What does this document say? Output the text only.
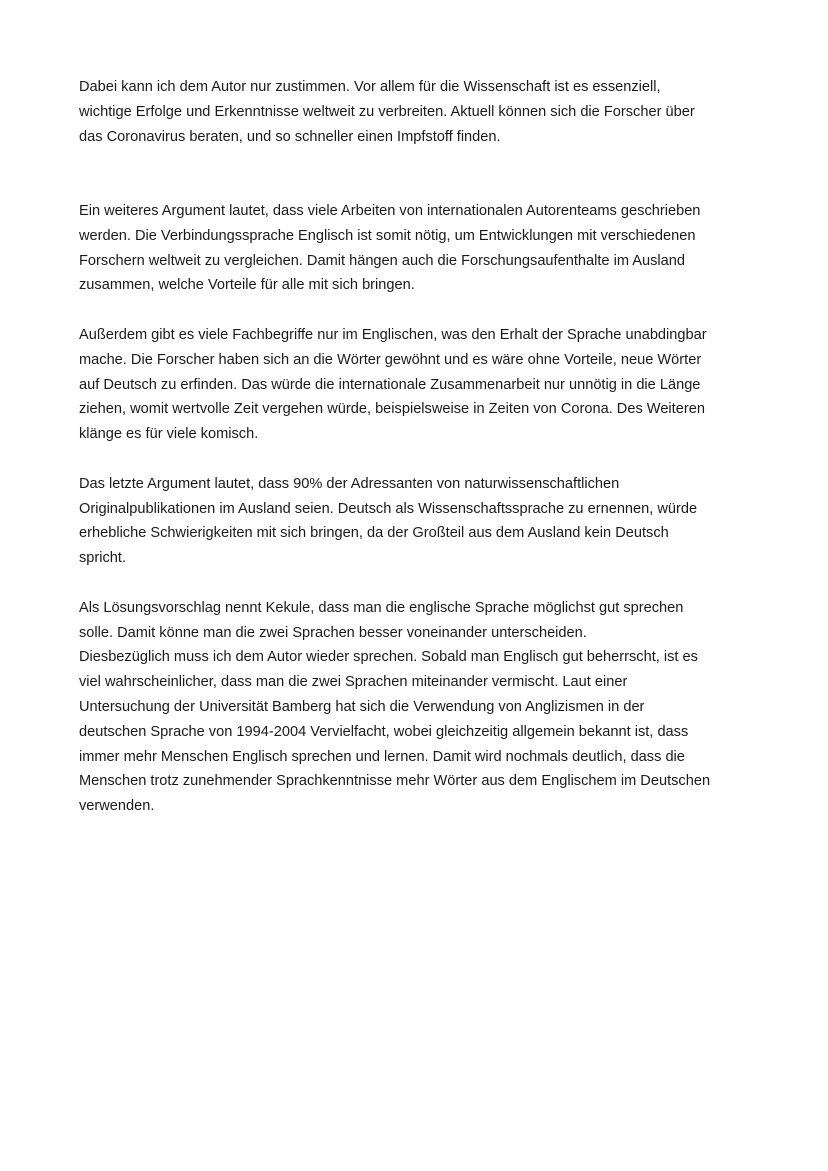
Dabei kann ich dem Autor nur zustimmen. Vor allem für die Wissenschaft ist es essenziell,
wichtige Erfolge und Erkenntnisse weltweit zu verbreiten. Aktuell können sich die Forscher über
das Coronavirus beraten, und so schneller einen Impfstoff finden.

Ein weiteres Argument lautet, dass viele Arbeiten von internationalen Autorenteams geschrieben
werden. Die Verbindungssprache Englisch ist somit nötig, um Entwicklungen mit verschiedenen
Forschern weltweit zu vergleichen. Damit hängen auch die Forschungsaufenthalte im Ausland
zusammen, welche Vorteile für alle mit sich bringen.

Außerdem gibt es viele Fachbegriffe nur im Englischen, was den Erhalt der Sprache unabdingbar
mache. Die Forscher haben sich an die Wörter gewöhnt und es wäre ohne Vorteile, neue Wörter
auf Deutsch zu erfinden. Das würde die internationale Zusammenarbeit nur unnötig in die Länge
ziehen, womit wertvolle Zeit vergehen würde, beispielsweise in Zeiten von Corona. Des Weiteren
klänge es für viele komisch.

Das letzte Argument lautet, dass 90% der Adressanten von naturwissenschaftlichen
Originalpublikationen im Ausland seien. Deutsch als Wissenschaftssprache zu ernennen, würde
erhebliche Schwierigkeiten mit sich bringen, da der Großteil aus dem Ausland kein Deutsch
spricht.

Als Lösungsvorschlag nennt Kekule, dass man die englische Sprache möglichst gut sprechen
solle. Damit könne man die zwei Sprachen besser voneinander unterscheiden.
Diesbezüglich muss ich dem Autor wieder sprechen. Sobald man Englisch gut beherrscht, ist es
viel wahrscheinlicher, dass man die zwei Sprachen miteinander vermischt. Laut einer
Untersuchung der Universität Bamberg hat sich die Verwendung von Anglizismen in der
deutschen Sprache von 1994-2004 Vervielfacht, wobei gleichzeitig allgemein bekannt ist, dass
immer mehr Menschen Englisch sprechen und lernen. Damit wird nochmals deutlich, dass die
Menschen trotz zunehmender Sprachkenntnisse mehr Wörter aus dem Englischem im Deutschen
verwenden.
